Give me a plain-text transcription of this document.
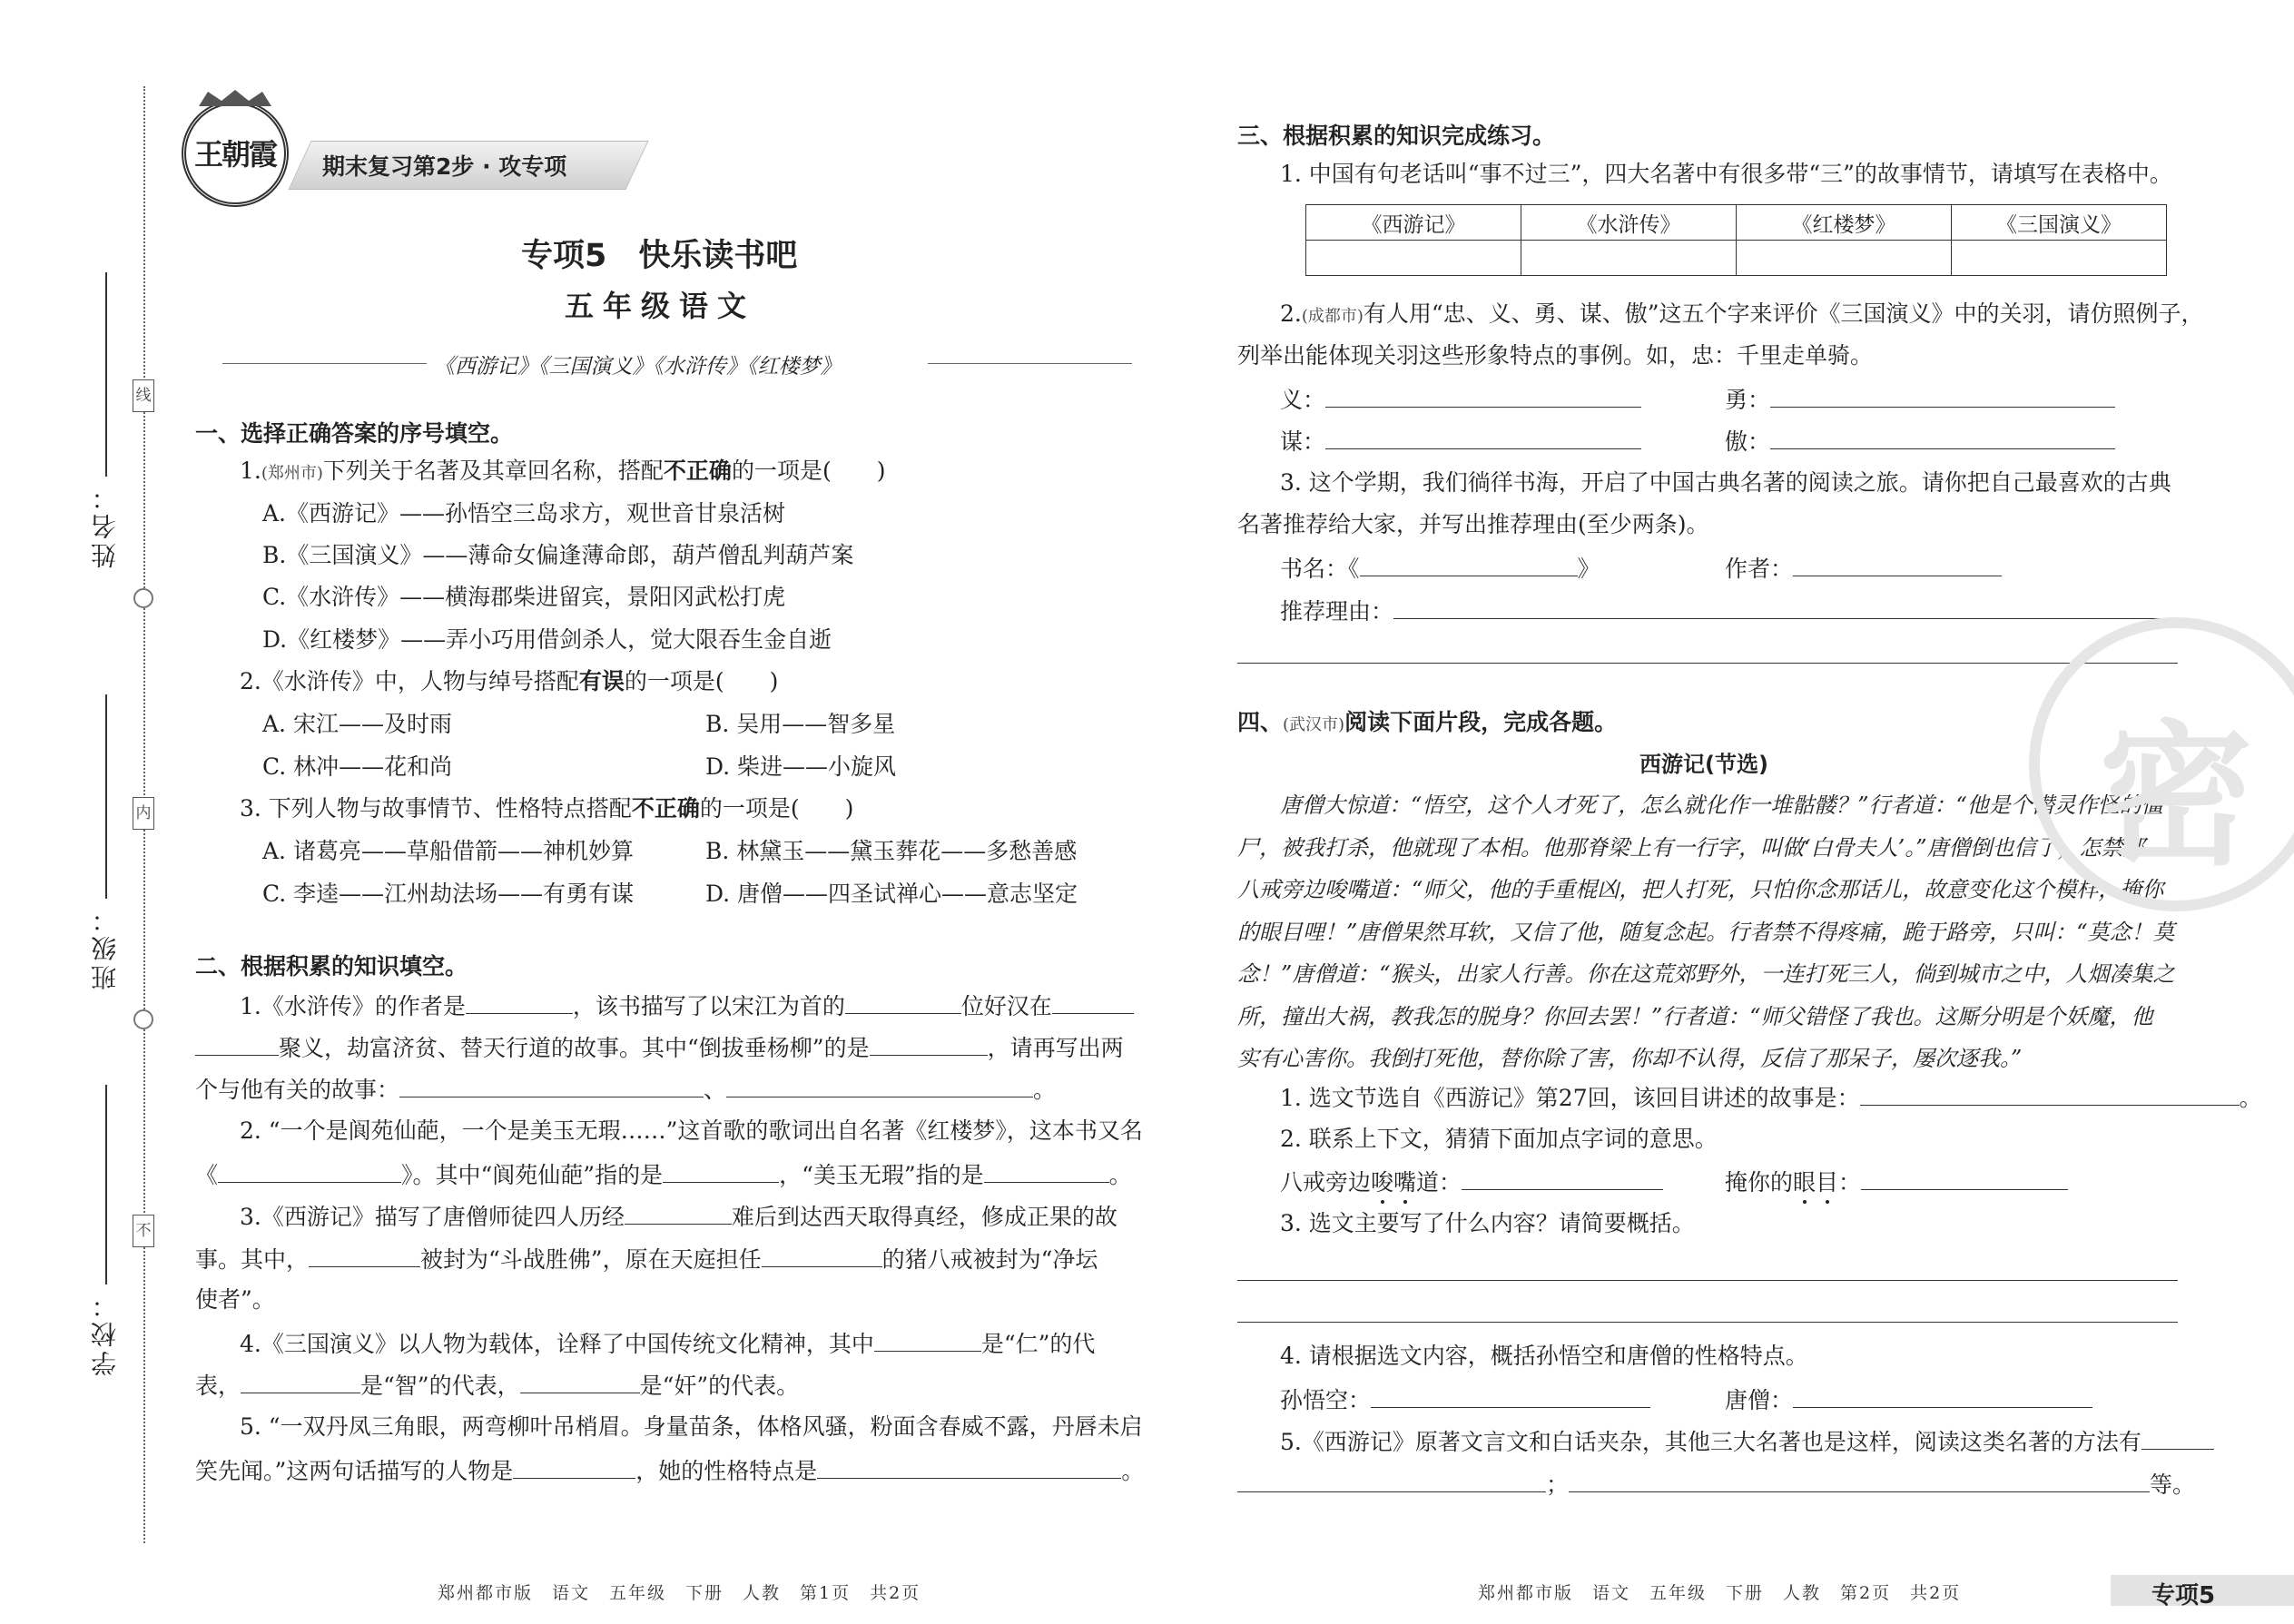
线
内
不
姓名：
班级：
学校：
王朝霞	期末复习第2步 · 攻专项
专项5　快乐读书吧
五年级语文
《西游记》《三国演义》《水浒传》《红楼梦》
一、选择正确答案的序号填空。
1.(郑州市)下列关于名著及其章回名称，搭配不正确的一项是(　　)
A.《西游记》——孙悟空三岛求方，观世音甘泉活树
B.《三国演义》——薄命女偏逢薄命郎，葫芦僧乱判葫芦案
C.《水浒传》——横海郡柴进留宾，景阳冈武松打虎
D.《红楼梦》——弄小巧用借剑杀人，觉大限吞生金自逝
2.《水浒传》中，人物与绰号搭配有误的一项是(　　)
A. 宋江——及时雨	B. 吴用——智多星
C. 林冲——花和尚	D. 柴进——小旋风
3. 下列人物与故事情节、性格特点搭配不正确的一项是(　　)
A. 诸葛亮——草船借箭——神机妙算	B. 林黛玉——黛玉葬花——多愁善感
C. 李逵——江州劫法场——有勇有谋	D. 唐僧——四圣试禅心——意志坚定
二、根据积累的知识填空。
1.《水浒传》的作者是	，该书描写了以宋江为首的	位好汉在
聚义，劫富济贫、替天行道的故事。其中“倒拔垂杨柳”的是	，请再写出两
个与他有关的故事：	、	。
2. “一个是阆苑仙葩，一个是美玉无瑕……”这首歌的歌词出自名著《红楼梦》，这本书又名
《	》。其中“阆苑仙葩”指的是	，“美玉无瑕”指的是	。
3.《西游记》描写了唐僧师徒四人历经	难后到达西天取得真经，修成正果的故
事。其中，	被封为“斗战胜佛”，原在天庭担任	的猪八戒被封为“净坛
使者”。
4.《三国演义》以人物为载体，诠释了中国传统文化精神，其中	是“仁”的代
表，	是“智”的代表，	是“奸”的代表。
5. “一双丹凤三角眼，两弯柳叶吊梢眉。身量苗条，体格风骚，粉面含春威不露，丹唇未启
笑先闻。”这两句话描写的人物是	，她的性格特点是	。
郑州都市版　语文　五年级　下册　人教　第1页　共2页
三、根据积累的知识完成练习。
1. 中国有句老话叫“事不过三”，四大名著中有很多带“三”的故事情节，请填写在表格中。
《西游记》	《水浒传》	《红楼梦》	《三国演义》

2.(成都市)有人用“忠、义、勇、谋、傲”这五个字来评价《三国演义》中的关羽，请仿照例子，
列举出能体现关羽这些形象特点的事例。如，忠：千里走单骑。
义：	勇：
谋：	傲：
3. 这个学期，我们徜徉书海，开启了中国古典名著的阅读之旅。请你把自己最喜欢的古典
名著推荐给大家，并写出推荐理由(至少两条)。
书名：《	》	作者：
推荐理由：
四、(武汉市)阅读下面片段，完成各题。
西游记(节选)
唐僧大惊道：“悟空，这个人才死了，怎么就化作一堆骷髅？”行者道：“他是个潜灵作怪的僵
尸，被我打杀，他就现了本相。他那脊梁上有一行字，叫做‘白骨夫人’。”唐僧倒也信了，怎禁那
八戒旁边唆嘴道：“师父，他的手重棍凶，把人打死，只怕你念那话儿，故意变化这个模样，掩你
的眼目哩！”唐僧果然耳软，又信了他，随复念起。行者禁不得疼痛，跪于路旁，只叫：“莫念！莫
念！”唐僧道：“猴头，出家人行善。你在这荒郊野外，一连打死三人，倘到城市之中，人烟凑集之
所，撞出大祸，教我怎的脱身？你回去罢！”行者道：“师父错怪了我也。这厮分明是个妖魔，他
实有心害你。我倒打死他，替你除了害，你却不认得，反信了那呆子，屡次逐我。”
1. 选文节选自《西游记》第27回，该回目讲述的故事是：	。
2. 联系上下文，猜猜下面加点字词的意思。
八戒旁边唆嘴道：	掩你的眼目：
3. 选文主要写了什么内容？请简要概括。
4. 请根据选文内容，概括孙悟空和唐僧的性格特点。
孙悟空：	唐僧：
5.《西游记》原著文言文和白话夹杂，其他三大名著也是这样，阅读这类名著的方法有
；	等。
郑州都市版　语文　五年级　下册　人教　第2页　共2页	专项5
密
